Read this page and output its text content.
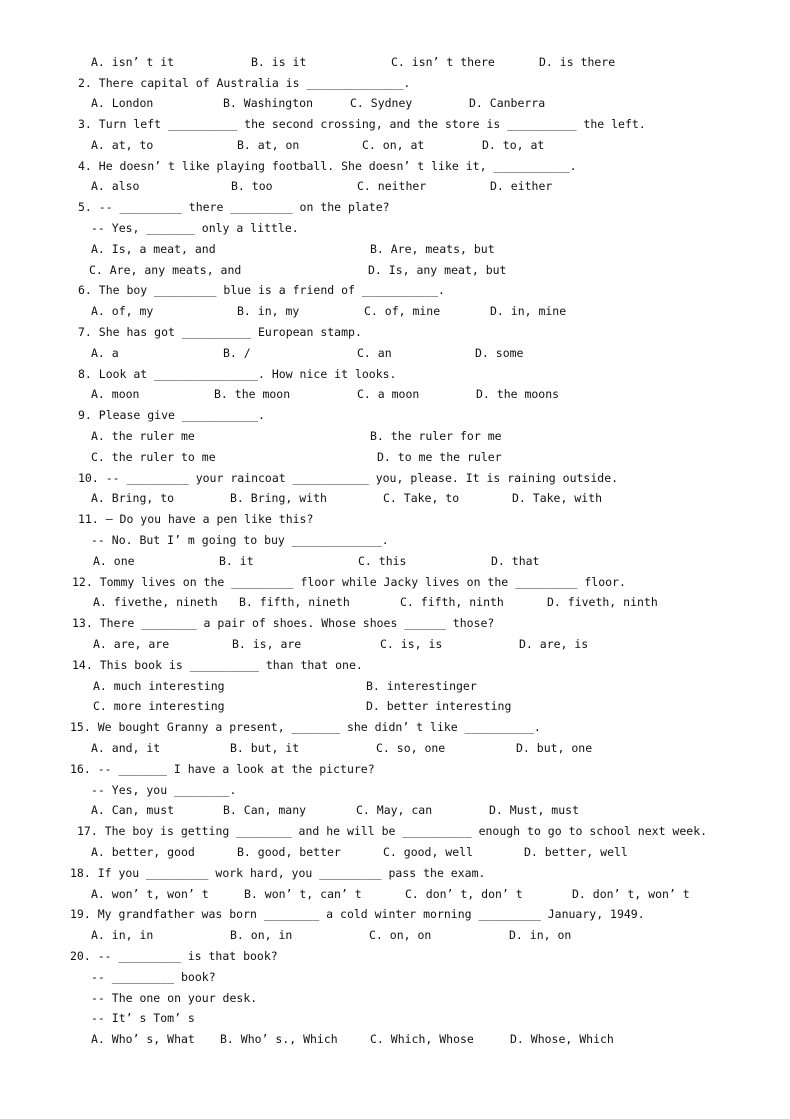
A. isn’ t it	B. is it	C. isn’ t there	D. is there
2. There capital of Australia is ______________.
A. London	B. Washington	C. Sydney	D. Canberra
3. Turn left __________ the second crossing, and the store is __________ the left.
A. at, to	B. at, on	C. on, at	D. to, at
4. He doesn’ t like playing football. She doesn’ t like it, ___________.
A. also	B. too	C. neither	D. either
5. -- _________ there _________ on the plate?
-- Yes, _______ only a little.
A. Is, a meat, and	B. Are, meats, but
C. Are, any meats, and	D. Is, any meat, but
6. The boy _________ blue is a friend of ___________.
A. of, my	B. in, my	C. of, mine	D. in, mine
7. She has got __________ European stamp.
A. a	B. /	C. an	D. some
8. Look at _______________. How nice it looks.
A. moon	B. the moon	C. a moon	D. the moons
9. Please give ___________.
A. the ruler me	B. the ruler for me
C. the ruler to me	D. to me the ruler
10. -- _________ your raincoat ___________ you, please. It is raining outside.
A. Bring, to	B. Bring, with	C. Take, to	D. Take, with
11. – Do you have a pen like this?
-- No. But I’ m going to buy _____________.
A. one	B. it	C. this	D. that
12. Tommy lives on the _________ floor while Jacky lives on the _________ floor.
A. fivethe, nineth B. fifth, nineth	C. fifth, ninth	D. fiveth, ninth
13. There ________ a pair of shoes. Whose shoes ______ those?
A. are, are	B. is, are	C. is, is	D. are, is
14. This book is __________ than that one.
A. much interesting	B. interestinger
C. more interesting	D. better interesting
15. We bought Granny a present, _______ she didn’ t like __________.
A. and, it	B. but, it	C. so, one	D. but, one
16. -- _______ I have a look at the picture?
-- Yes, you ________.
A. Can, must	B. Can, many	C. May, can	D. Must, must
17. The boy is getting ________ and he will be __________ enough to go to school next week.
A. better, good	B. good, better	C. good, well	D. better, well
18. If you _________ work hard, you _________ pass the exam.
A. won’ t, won’ t	B. won’ t, can’ t	C. don’ t, don’ t	D. don’ t, won’ t
19. My grandfather was born ________ a cold winter morning _________ January, 1949.
A. in, in	B. on, in	C. on, on	D. in, on
20. -- _________ is that book?
-- _________ book?
-- The one on your desk.
-- It’ s Tom’ s
A. Who’ s, What B. Who’ s., Which	C. Which, Whose	D. Whose, Which
